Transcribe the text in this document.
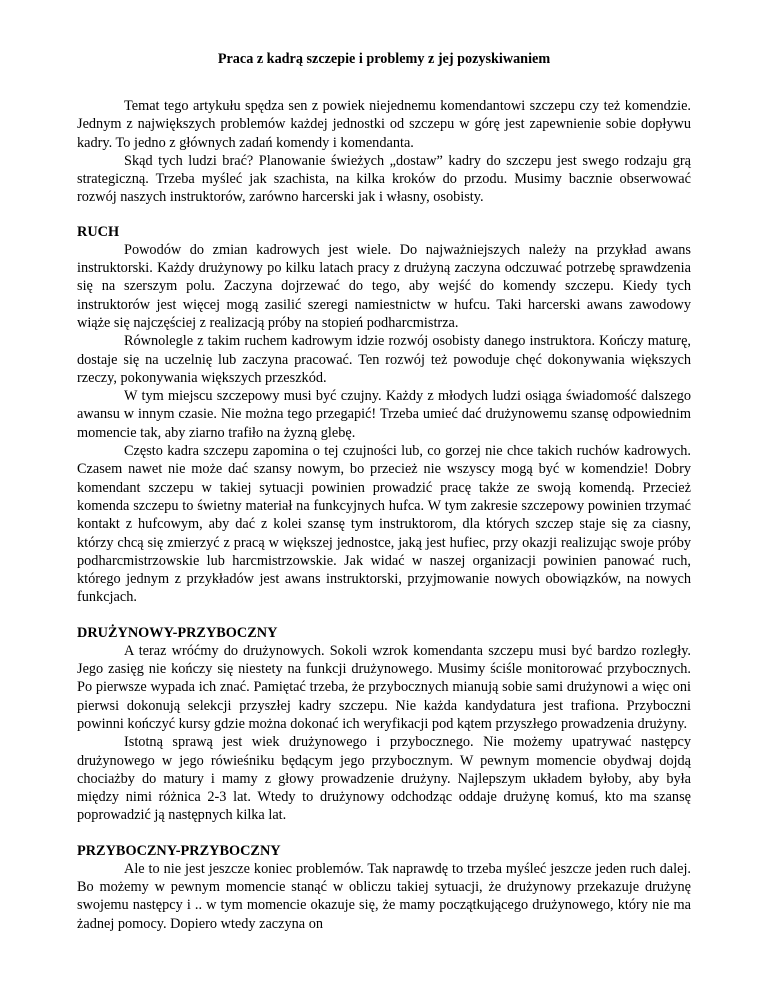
Praca z kadrą szczepie i problemy z jej pozyskiwaniem

Temat tego artykułu spędza sen z powiek niejednemu komendantowi szczepu czy też komendzie. Jednym z największych problemów każdej jednostki od szczepu w górę jest zapewnienie sobie dopływu kadry. To jedno z głównych zadań komendy i komendanta.

Skąd tych ludzi brać? Planowanie świeżych „dostaw” kadry do szczepu jest swego rodzaju grą strategiczną. Trzeba myśleć jak szachista, na kilka kroków do przodu. Musimy bacznie obserwować rozwój naszych instruktorów, zarówno harcerski jak i własny, osobisty.

RUCH

Powodów do zmian kadrowych jest wiele. Do najważniejszych należy na przykład awans instruktorski. Każdy drużynowy po kilku latach pracy z drużyną zaczyna odczuwać potrzebę sprawdzenia się na szerszym polu. Zaczyna dojrzewać do tego, aby wejść do komendy szczepu. Kiedy tych instruktorów jest więcej mogą zasilić szeregi namiestnictw w hufcu. Taki harcerski awans zawodowy wiąże się najczęściej z realizacją próby na stopień podharcmistrza.

Równolegle z takim ruchem kadrowym idzie rozwój osobisty danego instruktora. Kończy maturę, dostaje się na uczelnię lub zaczyna pracować. Ten rozwój też powoduje chęć dokonywania większych rzeczy, pokonywania większych przeszkód.

W tym miejscu szczepowy musi być czujny. Każdy z młodych ludzi osiąga świadomość dalszego awansu w innym czasie. Nie można tego przegapić! Trzeba umieć dać drużynowemu szansę odpowiednim momencie tak, aby ziarno trafiło na żyzną glebę.

Często kadra szczepu zapomina o tej czujności lub, co gorzej nie chce takich ruchów kadrowych. Czasem nawet nie może dać szansy nowym, bo przecież nie wszyscy mogą być w komendzie! Dobry komendant szczepu w takiej sytuacji powinien prowadzić pracę także ze swoją komendą. Przecież komenda szczepu to świetny materiał na funkcyjnych hufca. W tym zakresie szczepowy powinien trzymać kontakt z hufcowym, aby dać z kolei szansę tym instruktorom, dla których szczep staje się za ciasny, którzy chcą się zmierzyć z pracą w większej jednostce, jaką jest hufiec, przy okazji realizując swoje próby podharcmistrzowskie lub harcmistrzowskie. Jak widać w naszej organizacji powinien panować ruch, którego jednym z przykładów jest awans instruktorski, przyjmowanie nowych obowiązków, na nowych funkcjach.

DRUŻYNOWY-PRZYBOCZNY

A teraz wróćmy do drużynowych. Sokoli wzrok komendanta szczepu musi być bardzo rozległy. Jego zasięg nie kończy się niestety na funkcji drużynowego. Musimy ściśle monitorować przybocznych. Po pierwsze wypada ich znać. Pamiętać trzeba, że przybocznych mianują sobie sami drużynowi a więc oni pierwsi dokonują selekcji przyszłej kadry szczepu. Nie każda kandydatura jest trafiona. Przyboczni powinni kończyć kursy gdzie można dokonać ich weryfikacji pod kątem przyszłego prowadzenia drużyny.

Istotną sprawą jest wiek drużynowego i przybocznego. Nie możemy upatrywać następcy drużynowego w jego rówieśniku będącym jego przybocznym. W pewnym momencie obydwaj dojdą chociażby do matury i mamy z głowy prowadzenie drużyny. Najlepszym układem byłoby, aby była między nimi różnica 2-3 lat. Wtedy to drużynowy odchodząc oddaje drużynę komuś, kto ma szansę poprowadzić ją następnych kilka lat.

PRZYBOCZNY-PRZYBOCZNY

Ale to nie jest jeszcze koniec problemów. Tak naprawdę to trzeba myśleć jeszcze jeden ruch dalej. Bo możemy w pewnym momencie stanąć w obliczu takiej sytuacji, że drużynowy przekazuje drużynę swojemu następcy i .. w tym momencie okazuje się, że mamy początkującego drużynowego, który nie ma żadnej pomocy. Dopiero wtedy zaczyna on
